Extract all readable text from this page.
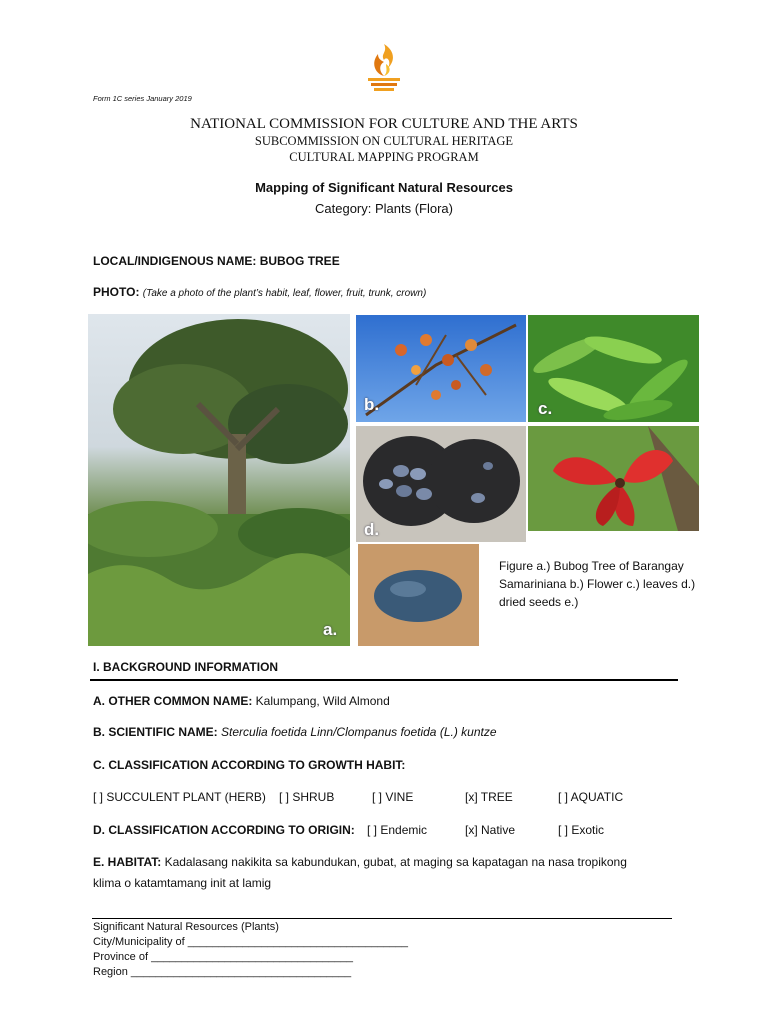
Form 1C series January 2019
NATIONAL COMMISSION FOR CULTURE AND THE ARTS
SUBCOMMISSION ON CULTURAL HERITAGE
CULTURAL MAPPING PROGRAM
Mapping of Significant Natural Resources
Category: Plants (Flora)
LOCAL/INDIGENOUS NAME: BUBOG TREE
PHOTO: (Take a photo of the plant’s habit, leaf, flower, fruit, trunk, crown)
a.
b.	c.
d.
Figure a.) Bubog Tree of Barangay Samariniana b.) Flower c.) leaves d.) dried seeds e.)
I. BACKGROUND INFORMATION
A. OTHER COMMON NAME: Kalumpang, Wild Almond
B. SCIENTIFIC NAME: Sterculia foetida Linn/Clompanus foetida (L.) kuntze
C. CLASSIFICATION ACCORDING TO GROWTH HABIT:
[ ] SUCCULENT PLANT (HERB) [ ] SHRUB	[ ] VINE	[x] TREE	[ ] AQUATIC
D. CLASSIFICATION ACCORDING TO ORIGIN: [ ] Endemic	[x] Native	[ ] Exotic
E. HABITAT: Kadalasang nakikita sa kabundukan, gubat, at maging sa kapatagan na nasa tropikong
klima o katamtamang init at lamig
Significant Natural Resources (Plants)
City/Municipality of ____________________________________
Province of _________________________________
Region ____________________________________
